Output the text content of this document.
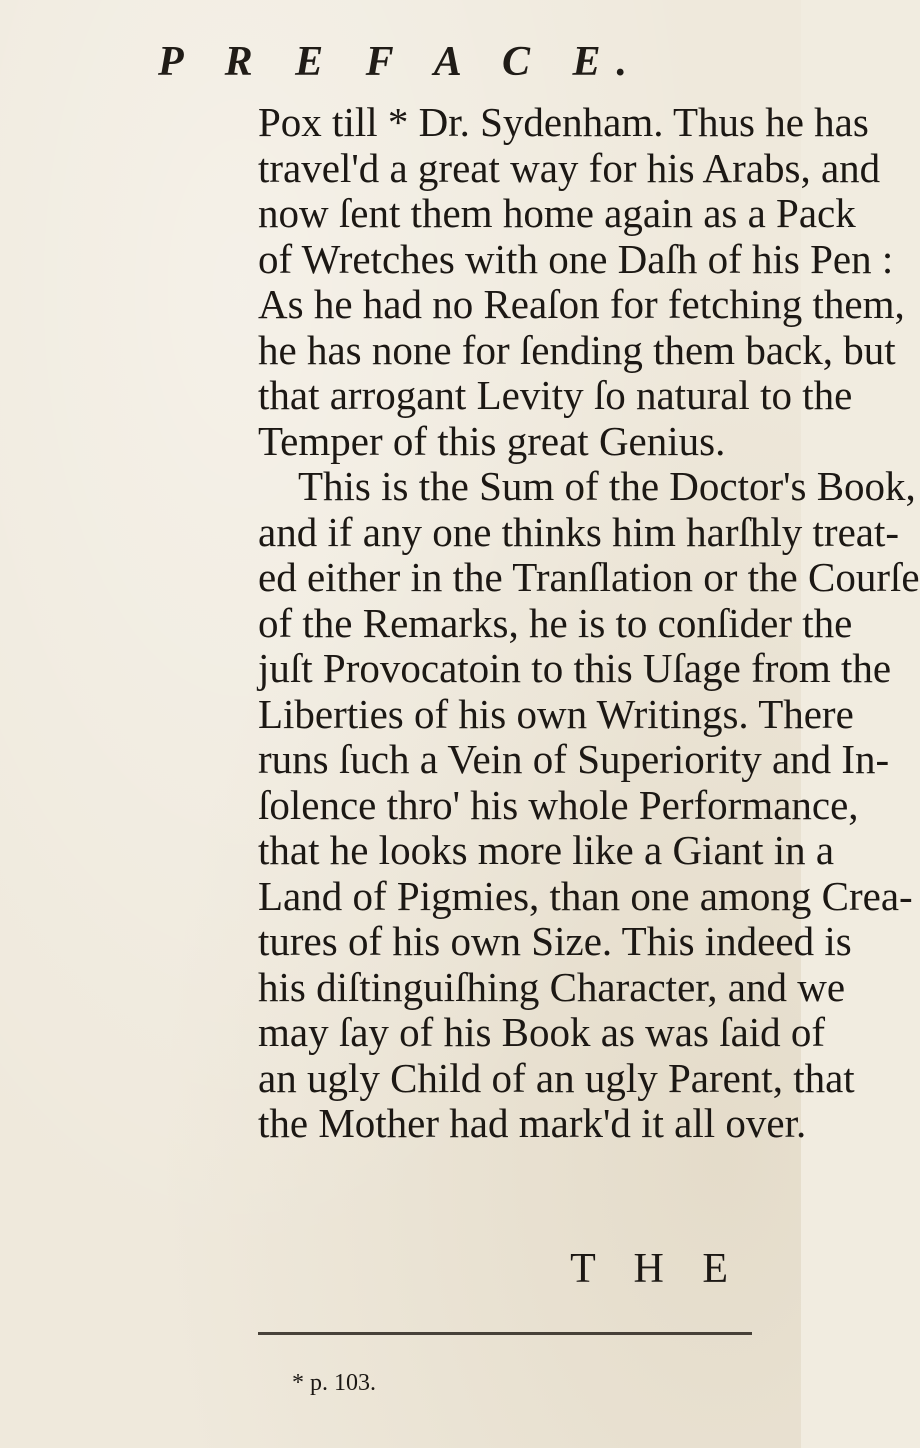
P R E F A C E.
Pox till * Dr. Sydenham. Thus he has
travel'd a great way for his Arabs, and
now ſent them home again as a Pack
of Wretches with one Daſh of his Pen :
As he had no Reaſon for fetching them,
he has none for ſending them back, but
that arrogant Levity ſo natural to the
Temper of this great Genius.
This is the Sum of the Doctor's Book,
and if any one thinks him harſhly treat-
ed either in the Tranſlation or the Courſe
of the Remarks, he is to conſider the
juſt Provocatoin to this Uſage from the
Liberties of his own Writings. There
runs ſuch a Vein of Superiority and In-
ſolence thro' his whole Performance,
that he looks more like a Giant in a
Land of Pigmies, than one among Crea-
tures of his own Size. This indeed is
his diſtinguiſhing Character, and we
may ſay of his Book as was ſaid of
an ugly Child of an ugly Parent, that
the Mother had mark'd it all over.
T H E
* p. 103.
